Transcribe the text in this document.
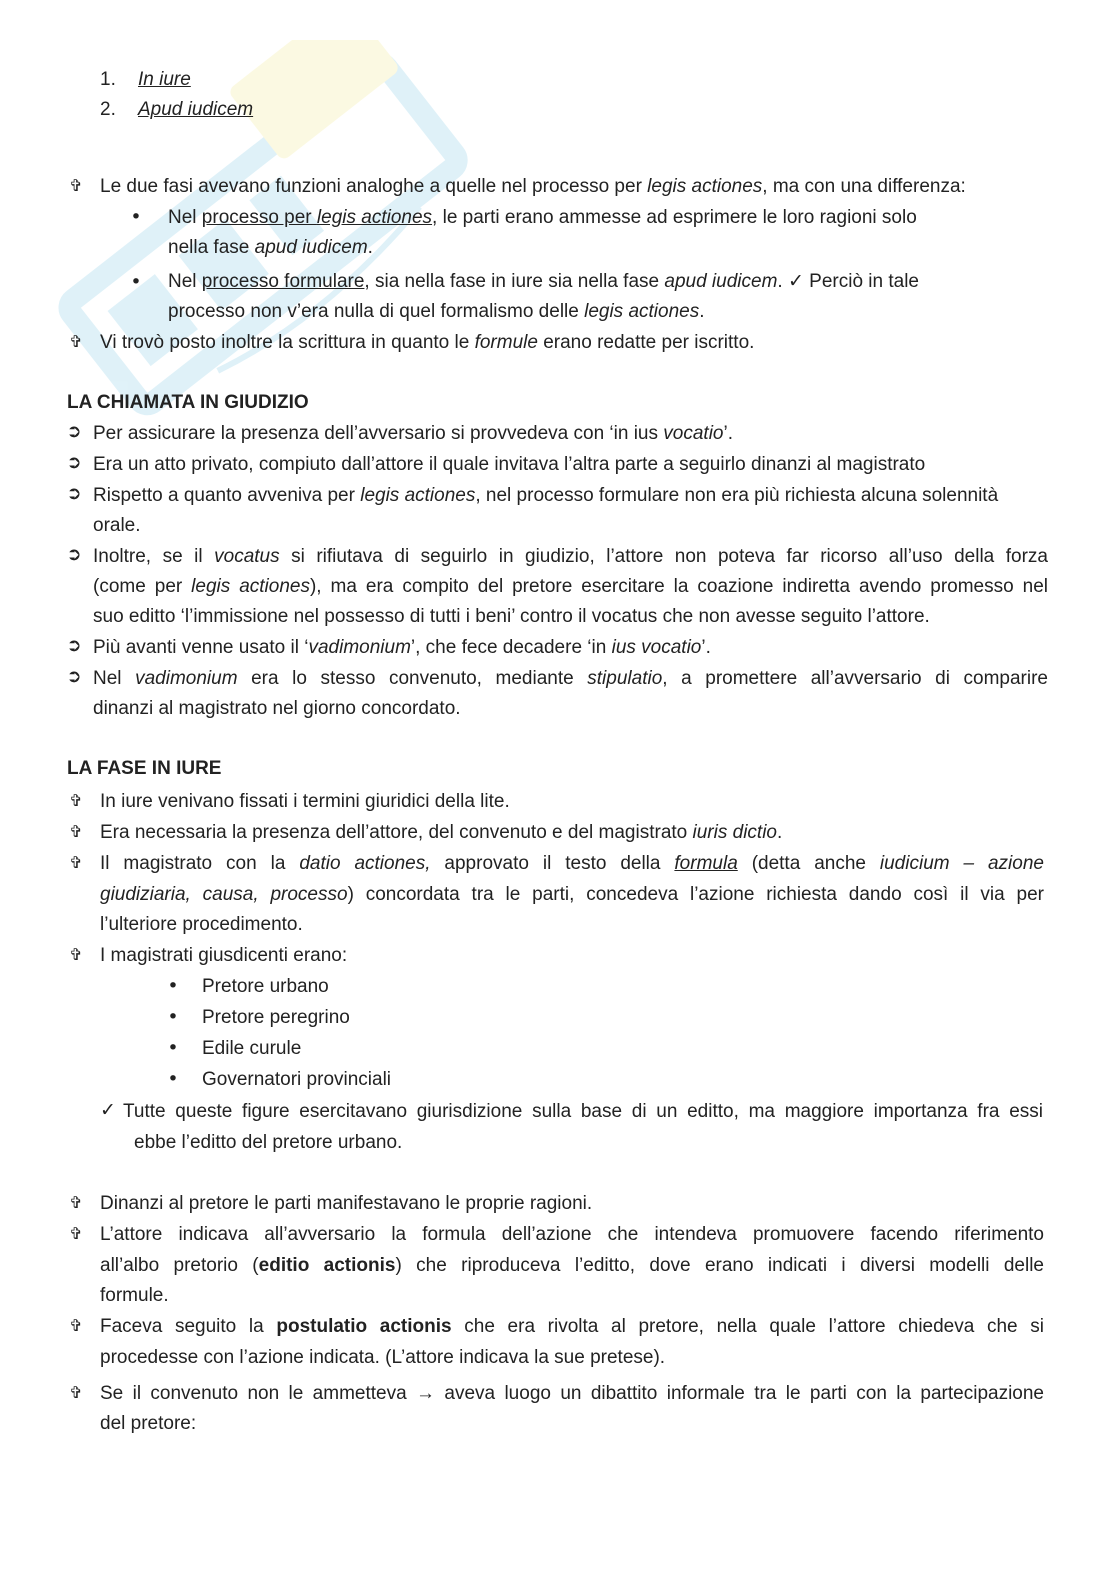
1. In iure
2. Apud iudicem
✞ Le due fasi avevano funzioni analoghe a quelle nel processo per legis actiones, ma con una differenza:
• Nel processo per legis actiones, le parti erano ammesse ad esprimere le loro ragioni solo
nella fase apud iudicem.
• Nel processo formulare, sia nella fase in iure sia nella fase apud iudicem. ✓ Perciò in tale
processo non v’era nulla di quel formalismo delle legis actiones.
✞ Vi trovò posto inoltre la scrittura in quanto le formule erano redatte per iscritto.
LA CHIAMATA IN GIUDIZIO
➲ Per assicurare la presenza dell’avversario si provvedeva con ‘in ius vocatio’.
➲ Era un atto privato, compiuto dall’attore il quale invitava l’altra parte a seguirlo dinanzi al magistrato
➲ Rispetto a quanto avveniva per legis actiones, nel processo formulare non era più richiesta alcuna solennità
orale.
➲ Inoltre, se il vocatus si rifiutava di seguirlo in giudizio, l’attore non poteva far ricorso all’uso della forza
(come per legis actiones), ma era compito del pretore esercitare la coazione indiretta avendo promesso nel
suo editto ‘l’immissione nel possesso di tutti i beni’ contro il vocatus che non avesse seguito l’attore.
➲ Più avanti venne usato il ‘vadimonium’, che fece decadere ‘in ius vocatio’.
➲ Nel vadimonium era lo stesso convenuto, mediante stipulatio, a promettere all’avversario di comparire
dinanzi al magistrato nel giorno concordato.
LA FASE IN IURE
✞ In iure venivano fissati i termini giuridici della lite.
✞ Era necessaria la presenza dell’attore, del convenuto e del magistrato iuris dictio.
✞ Il magistrato con la datio actiones, approvato il testo della formula (detta anche iudicium – azione
giudiziaria, causa, processo) concordata tra le parti, concedeva l’azione richiesta dando così il via per
l’ulteriore procedimento.
✞ I magistrati giusdicenti erano:
• Pretore urbano
• Pretore peregrino
• Edile curule
• Governatori provinciali
✓ Tutte queste figure esercitavano giurisdizione sulla base di un editto, ma maggiore importanza fra essi
ebbe l’editto del pretore urbano.
✞ Dinanzi al pretore le parti manifestavano le proprie ragioni.
✞ L’attore indicava all’avversario la formula dell’azione che intendeva promuovere facendo riferimento
all’albo pretorio (editio actionis) che riproduceva l’editto, dove erano indicati i diversi modelli delle
formule.
✞ Faceva seguito la postulatio actionis che era rivolta al pretore, nella quale l’attore chiedeva che si
procedesse con l’azione indicata. (L’attore indicava la sue pretese).
✞ Se il convenuto non le ammetteva → aveva luogo un dibattito informale tra le parti con la partecipazione
del pretore:
